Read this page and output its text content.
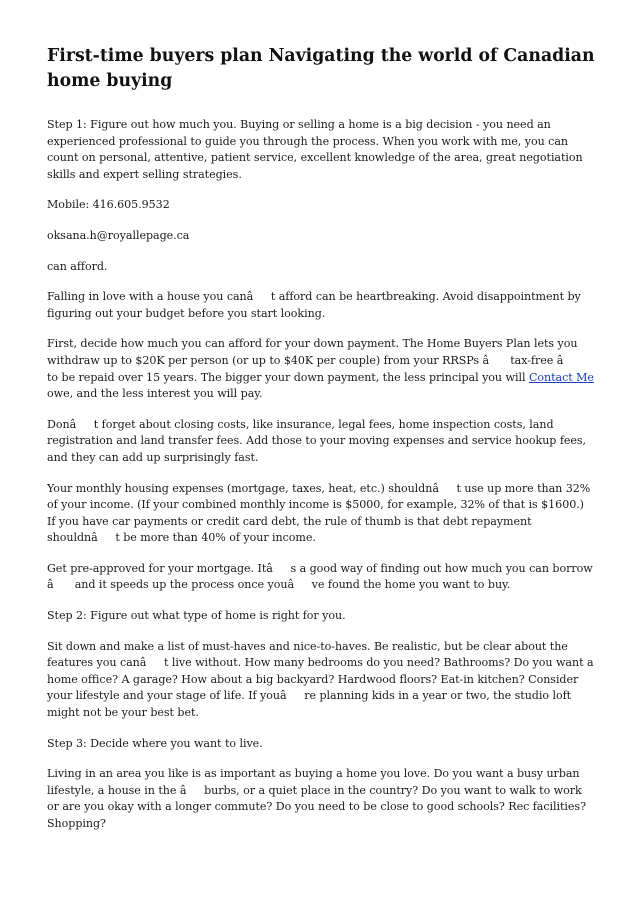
First-time buyers plan Navigating the world of Canadian home buying

Step 1: Figure out how much you. Buying or selling a home is a big decision - you need an experienced professional to guide you through the process. When you work with me, you can count on personal, attentive, patient service, excellent knowledge of the area, great negotiation skills and expert selling strategies.

Mobile: 416.605.9532

oksana.h@royallepage.ca

can afford.

Falling in love with a house you canât afford can be heartbreaking. Avoid disappointment by figuring out your budget before you start looking.

First, decide how much you can afford for your down payment. The Home Buyers Plan lets you withdraw up to $20K per person (or up to $40K per couple) from your RRSPs â tax-free â to be repaid over 15 years. The bigger your down payment, the less principal you will Contact Me owe, and the less interest you will pay.

Donât forget about closing costs, like insurance, legal fees, home inspection costs, land registration and land transfer fees. Add those to your moving expenses and service hookup fees, and they can add up surprisingly fast.

Your monthly housing expenses (mortgage, taxes, heat, etc.) shouldnât use up more than 32% of your income. (If your combined monthly income is $5000, for example, 32% of that is $1600.) If you have car payments or credit card debt, the rule of thumb is that debt repayment shouldnât be more than 40% of your income.

Get pre-approved for your mortgage. Itâs a good way of finding out how much you can borrow â and it speeds up the process once youâve found the home you want to buy.

Step 2: Figure out what type of home is right for you.

Sit down and make a list of must-haves and nice-to-haves. Be realistic, but be clear about the features you canât live without. How many bedrooms do you need? Bathrooms? Do you want a home office? A garage? How about a big backyard? Hardwood floors? Eat-in kitchen? Consider your lifestyle and your stage of life. If youâre planning kids in a year or two, the studio loft might not be your best bet.

Step 3: Decide where you want to live.

Living in an area you like is as important as buying a home you love. Do you want a busy urban lifestyle, a house in the âburbs, or a quiet place in the country? Do you want to walk to work or are you okay with a longer commute? Do you need to be close to good schools? Rec facilities? Shopping?
